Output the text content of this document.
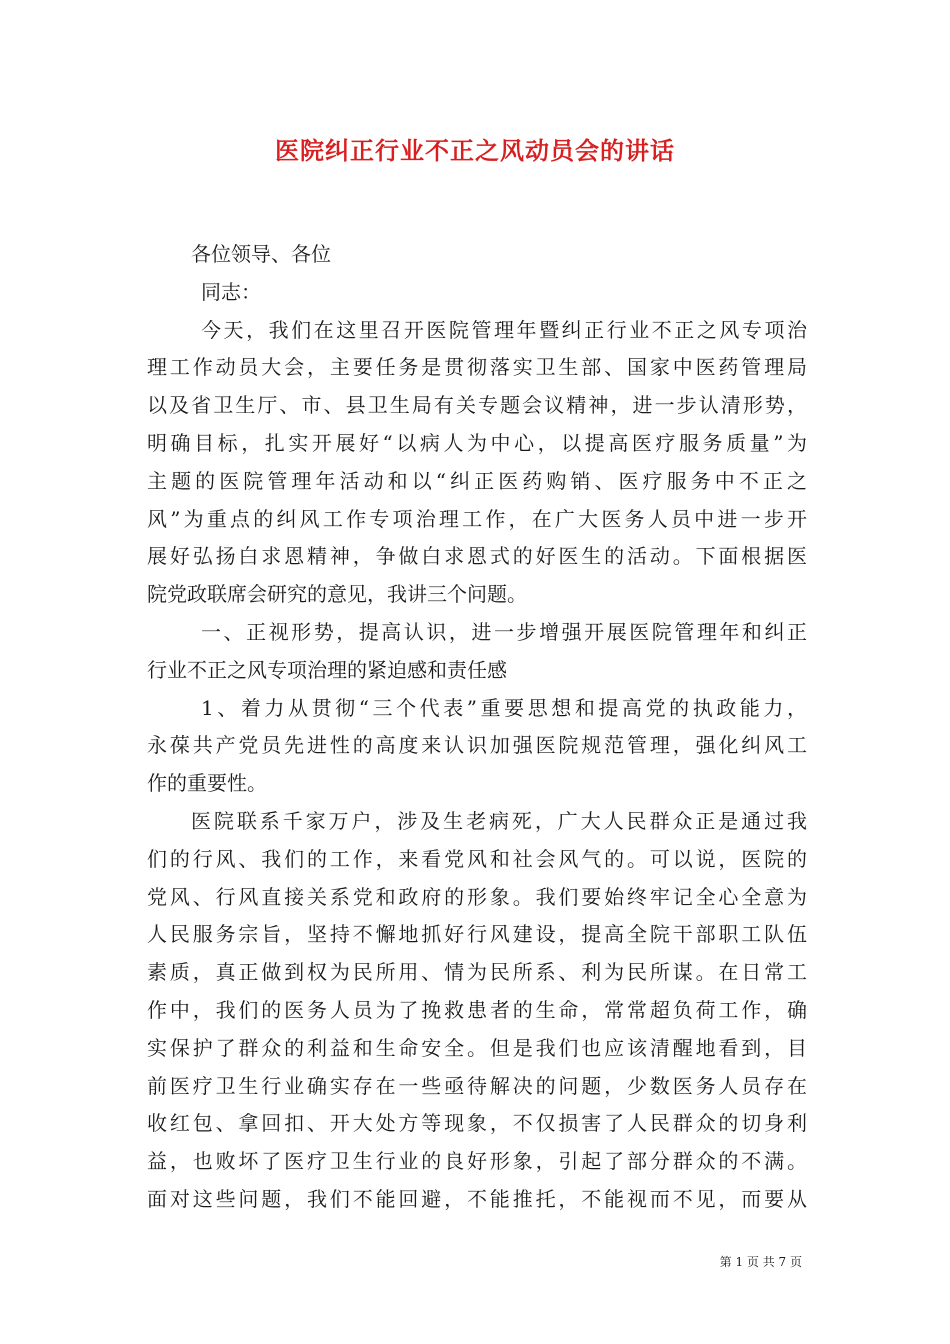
医院纠正行业不正之风动员会的讲话
各位领导、各位
同志：
今天，我们在这里召开医院管理年暨纠正行业不正之风专项治
理工作动员大会，主要任务是贯彻落实卫生部、国家中医药管理局
以及省卫生厅、市、县卫生局有关专题会议精神，进一步认清形势，
明确目标，扎实开展好“以病人为中心，以提高医疗服务质量”为
主题的医院管理年活动和以“纠正医药购销、医疗服务中不正之
风”为重点的纠风工作专项治理工作，在广大医务人员中进一步开
展好弘扬白求恩精神，争做白求恩式的好医生的活动。下面根据医
院党政联席会研究的意见，我讲三个问题。
一、正视形势，提高认识，进一步增强开展医院管理年和纠正
行业不正之风专项治理的紧迫感和责任感
1、着力从贯彻“三个代表”重要思想和提高党的执政能力，
永葆共产党员先进性的高度来认识加强医院规范管理，强化纠风工
作的重要性。
医院联系千家万户，涉及生老病死，广大人民群众正是通过我
们的行风、我们的工作，来看党风和社会风气的。可以说，医院的
党风、行风直接关系党和政府的形象。我们要始终牢记全心全意为
人民服务宗旨，坚持不懈地抓好行风建设，提高全院干部职工队伍
素质，真正做到权为民所用、情为民所系、利为民所谋。在日常工
作中，我们的医务人员为了挽救患者的生命，常常超负荷工作，确
实保护了群众的利益和生命安全。但是我们也应该清醒地看到，目
前医疗卫生行业确实存在一些亟待解决的问题，少数医务人员存在
收红包、拿回扣、开大处方等现象，不仅损害了人民群众的切身利
益，也败坏了医疗卫生行业的良好形象，引起了部分群众的不满。
面对这些问题，我们不能回避，不能推托，不能视而不见，而要从
第 1 页 共 7 页
